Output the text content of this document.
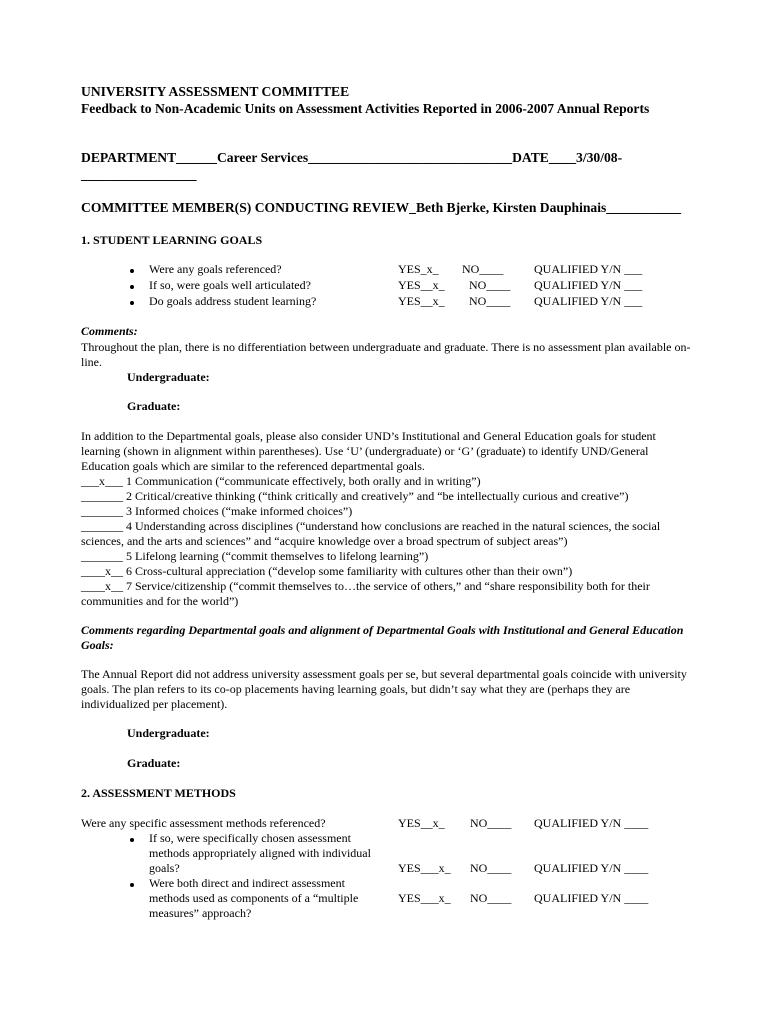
UNIVERSITY ASSESSMENT COMMITTEE
Feedback to Non-Academic Units on Assessment Activities Reported in 2006-2007 Annual Reports
DEPARTMENT______Career Services______________________________DATE____3/30/08-
_________________
COMMITTEE MEMBER(S) CONDUCTING REVIEW_Beth Bjerke, Kirsten Dauphinais___________
1. STUDENT LEARNING GOALS
Were any goals referenced?	YES_x_ NO____	QUALIFIED Y/N ___
If so, were goals well articulated?	YES__x_ NO____ QUALIFIED Y/N ___
Do goals address student learning?	YES__x_ NO____ QUALIFIED Y/N ___
Comments:
Throughout the plan, there is no differentiation between undergraduate and graduate. There is no assessment plan available on-
line.
Undergraduate:
Graduate:
In addition to the Departmental goals, please also consider UND’s Institutional and General Education goals for student
learning (shown in alignment within parentheses). Use ‘U’ (undergraduate) or ‘G’ (graduate) to identify UND/General
Education goals which are similar to the referenced departmental goals.
___x___ 1 Communication (“communicate effectively, both orally and in writing”)
_______ 2 Critical/creative thinking (“think critically and creatively” and “be intellectually curious and creative”)
_______ 3 Informed choices (“make informed choices”)
_______ 4 Understanding across disciplines (“understand how conclusions are reached in the natural sciences, the social
sciences, and the arts and sciences” and “acquire knowledge over a broad spectrum of subject areas”)
_______ 5 Lifelong learning (“commit themselves to lifelong learning”)
____x__ 6 Cross-cultural appreciation (“develop some familiarity with cultures other than their own”)
____x__ 7 Service/citizenship (“commit themselves to…the service of others,” and “share responsibility both for their
communities and for the world”)
Comments regarding Departmental goals and alignment of Departmental Goals with Institutional and General Education
Goals:
The Annual Report did not address university assessment goals per se, but several departmental goals coincide with university
goals. The plan refers to its co-op placements having learning goals, but didn’t say what they are (perhaps they are
individualized per placement).
Undergraduate:
Graduate:
2. ASSESSMENT METHODS
Were any specific assessment methods referenced?	YES__x_ NO____ QUALIFIED Y/N ____
If so, were specifically chosen assessment
methods appropriately aligned with individual
goals?	YES___x_ NO____ QUALIFIED Y/N ____
Were both direct and indirect assessment
methods used as components of a “multiple
measures” approach?
YES___x_ NO____ QUALIFIED Y/N ____
